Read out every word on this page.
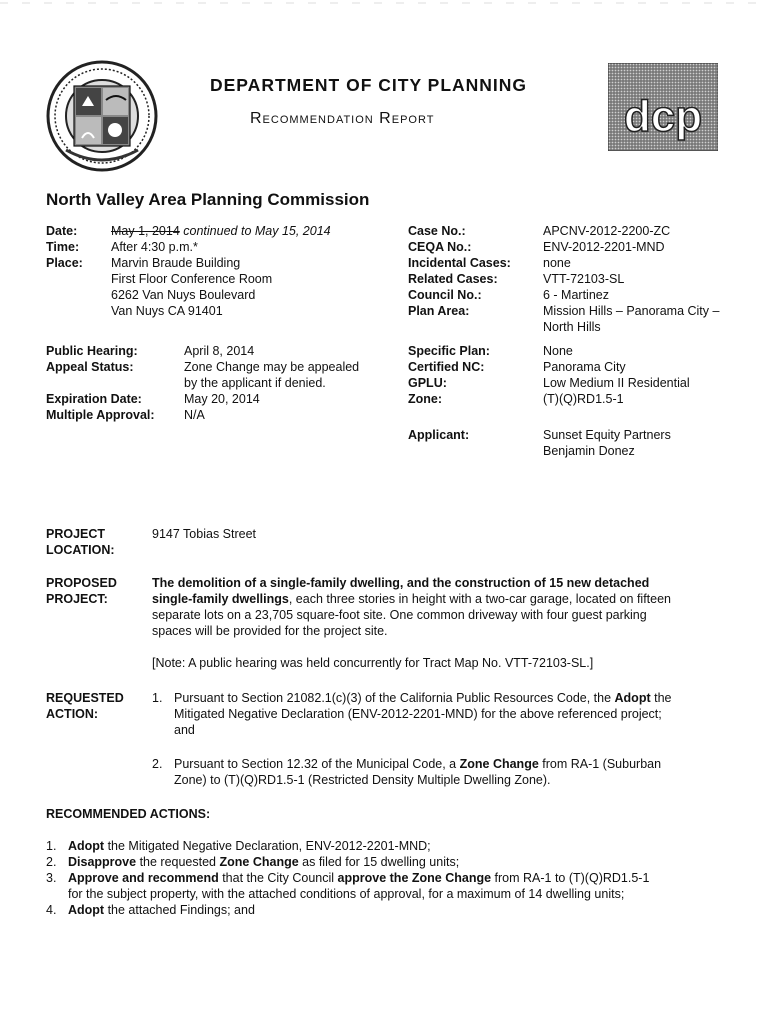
DEPARTMENT OF CITY PLANNING
Recommendation Report	dcp
North Valley Area Planning Commission
Date:	May 1, 2014 continued to May 15, 2014
Time:	After 4:30 p.m.*
Place: Marvin Braude Building
First Floor Conference Room
6262 Van Nuys Boulevard
Van Nuys CA 91401
Public Hearing:	April 8, 2014
Appeal Status:	Zone Change may be appealed
by the applicant if denied.
Expiration Date:	May 20, 2014
Multiple Approval: N/A
Case No.:	APCNV-2012-2200-ZC
CEQA No.:	ENV-2012-2201-MND
Incidental Cases:	none
Related Cases:	VTT-72103-SL
Council No.:	6 - Martinez
Plan Area:	Mission Hills – Panorama City –
North Hills
Specific Plan:	None
Certified NC:	Panorama City
GPLU:	Low Medium II Residential
Zone:	(T)(Q)RD1.5-1
Applicant:	Sunset Equity Partners
Benjamin Donez
PROJECT
LOCATION:
9147 Tobias Street
PROPOSED
PROJECT:
The demolition of a single-family dwelling, and the construction of 15 new detached
single-family dwellings, each three stories in height with a two-car garage, located on fifteen
separate lots on a 23,705 square-foot site. One common driveway with four guest parking
spaces will be provided for the project site.
[Note: A public hearing was held concurrently for Tract Map No. VTT-72103-SL.]
REQUESTED
ACTION:
1. Pursuant to Section 21082.1(c)(3) of the California Public Resources Code, the Adopt the
Mitigated Negative Declaration (ENV-2012-2201-MND) for the above referenced project;
and
2. Pursuant to Section 12.32 of the Municipal Code, a Zone Change from RA-1 (Suburban
Zone) to (T)(Q)RD1.5-1 (Restricted Density Multiple Dwelling Zone).
RECOMMENDED ACTIONS:
1. Adopt the Mitigated Negative Declaration, ENV-2012-2201-MND;
2. Disapprove the requested Zone Change as filed for 15 dwelling units;
3. Approve and recommend that the City Council approve the Zone Change from RA-1 to (T)(Q)RD1.5-1
for the subject property, with the attached conditions of approval, for a maximum of 14 dwelling units;
4. Adopt the attached Findings; and
